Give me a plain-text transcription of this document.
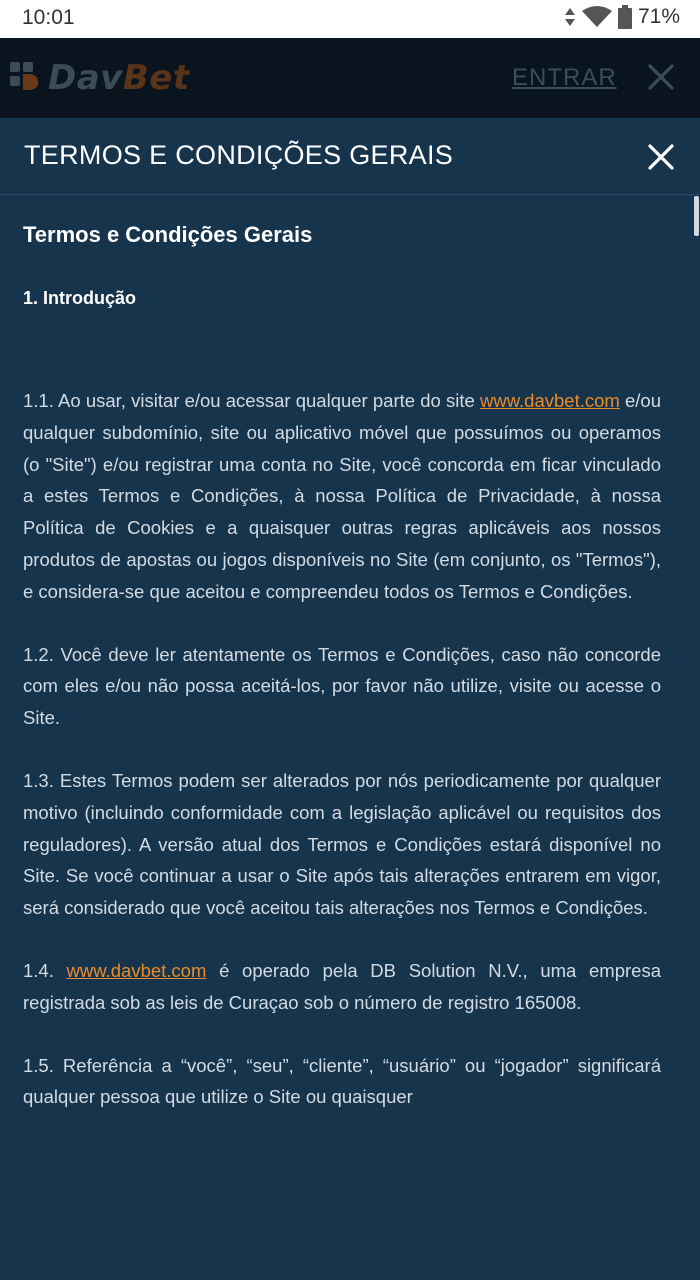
10:01	71%
DavBet	ENTRAR
TERMOS E CONDIÇÕES GERAIS
Termos e Condições Gerais
1. Introdução

1.1. Ao usar, visitar e/ou acessar qualquer parte do site www.davbet.com e/ou qualquer subdomínio, site ou aplicativo móvel que possuímos ou operamos (o "Site") e/ou registrar uma conta no Site, você concorda em ficar vinculado a estes Termos e Condições, à nossa Política de Privacidade, à nossa Política de Cookies e a quaisquer outras regras aplicáveis aos nossos produtos de apostas ou jogos disponíveis no Site (em conjunto, os "Termos"), e considera-se que aceitou e compreendeu todos os Termos e Condições.

1.2. Você deve ler atentamente os Termos e Condições, caso não concorde com eles e/ou não possa aceitá-los, por favor não utilize, visite ou acesse o Site.

1.3. Estes Termos podem ser alterados por nós periodicamente por qualquer motivo (incluindo conformidade com a legislação aplicável ou requisitos dos reguladores). A versão atual dos Termos e Condições estará disponível no Site. Se você continuar a usar o Site após tais alterações entrarem em vigor, será considerado que você aceitou tais alterações nos Termos e Condições.

1.4. www.davbet.com é operado pela DB Solution N.V., uma empresa registrada sob as leis de Curaçao sob o número de registro 165008.

1.5. Referência a “você”, “seu”, “cliente”, “usuário” ou “jogador” significará qualquer pessoa que utilize o Site ou quaisquer
